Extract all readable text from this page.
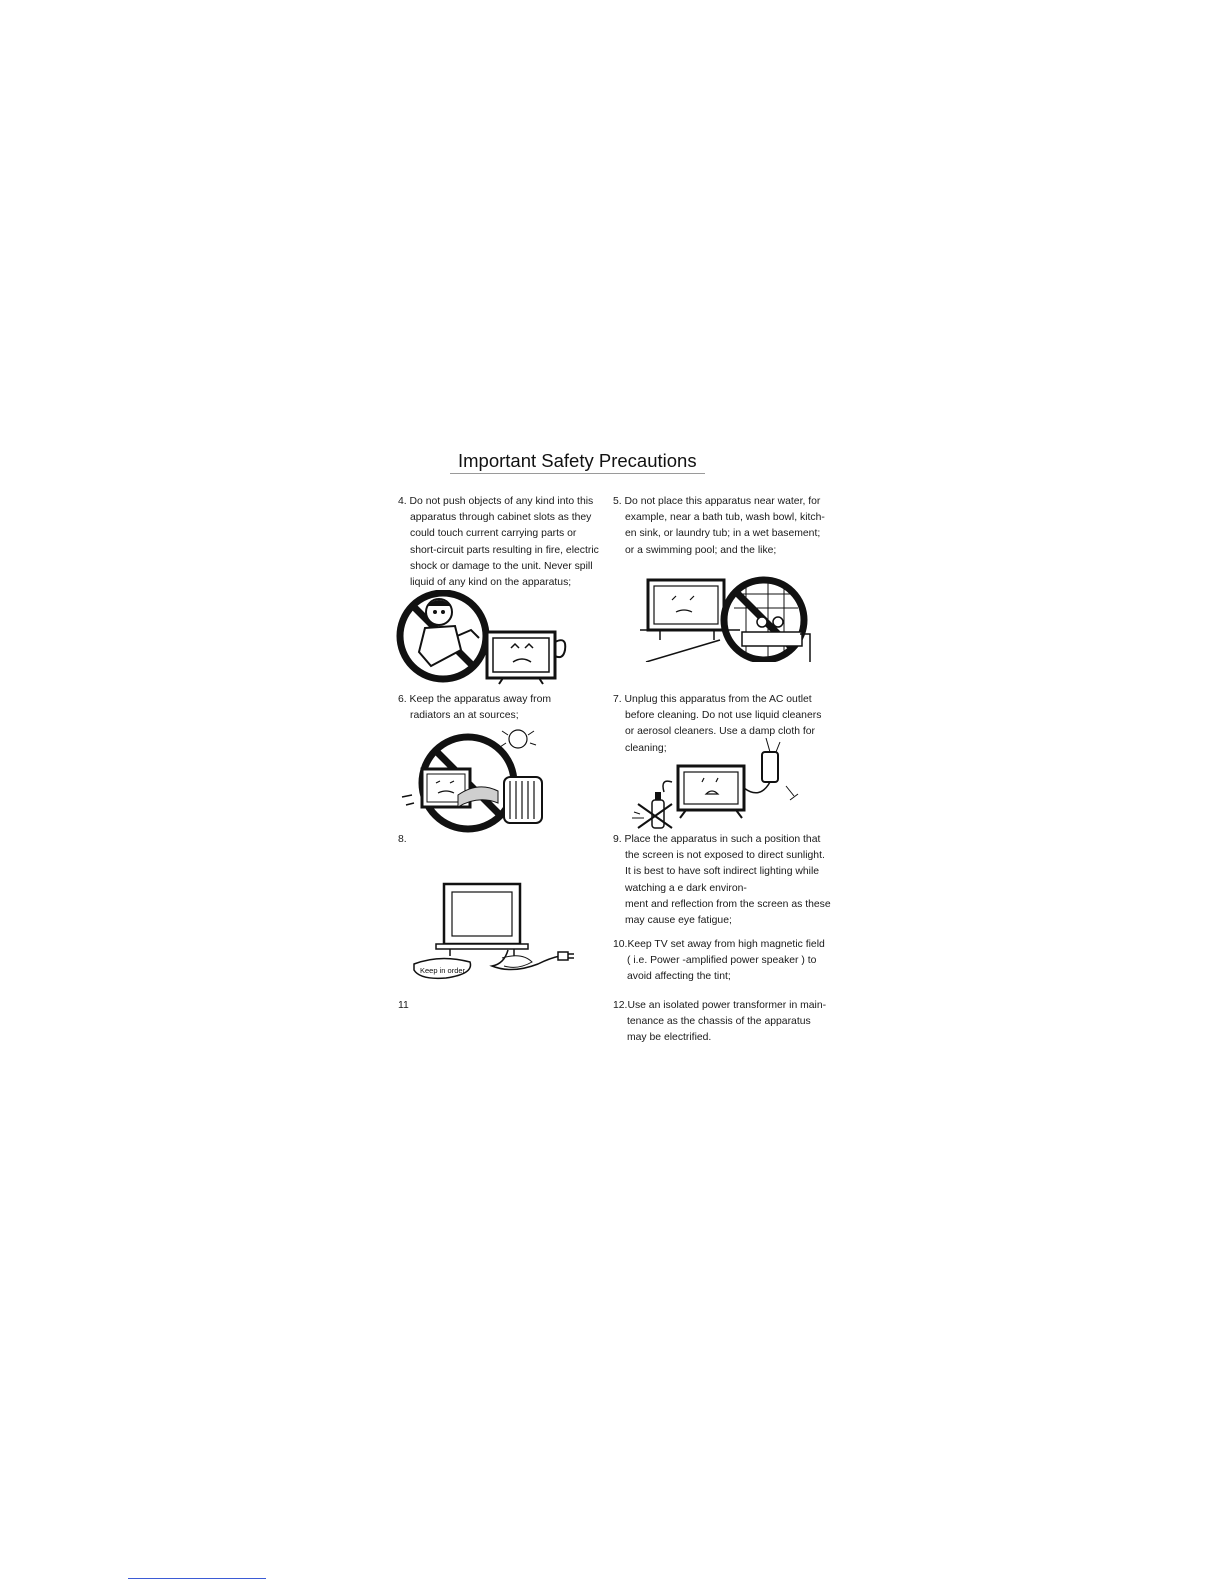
Important Safety Precautions
4. Do not push objects of any kind into this
apparatus through cabinet slots as they
could touch current carrying parts or
short-circuit parts resulting in fire, electric
shock or damage to the unit. Never spill
liquid of any kind on the apparatus;
5. Do not place this apparatus near water, for
example, near a bath tub, wash bowl, kitch-
en sink, or laundry tub; in a wet basement;
or a swimming pool; and the like;
6. Keep the apparatus away from
radiators an at sources;
7. Unplug this apparatus from the AC outlet
before cleaning. Do not use liquid cleaners
or aerosol cleaners. Use a damp cloth for
cleaning;
8.	9. Place the apparatus in such a position that
the screen is not exposed to direct sunlight.
It is best to have soft indirect lighting while
watching a e dark environ-
ment and reflection from the screen as these
may cause eye fatigue;
Keep in order
10.Keep TV set away from high magnetic field
( i.e. Power -amplified power speaker ) to
avoid affecting the tint;
11	12.Use an isolated power transformer in main-
tenance as the chassis of the apparatus
may be electrified.
